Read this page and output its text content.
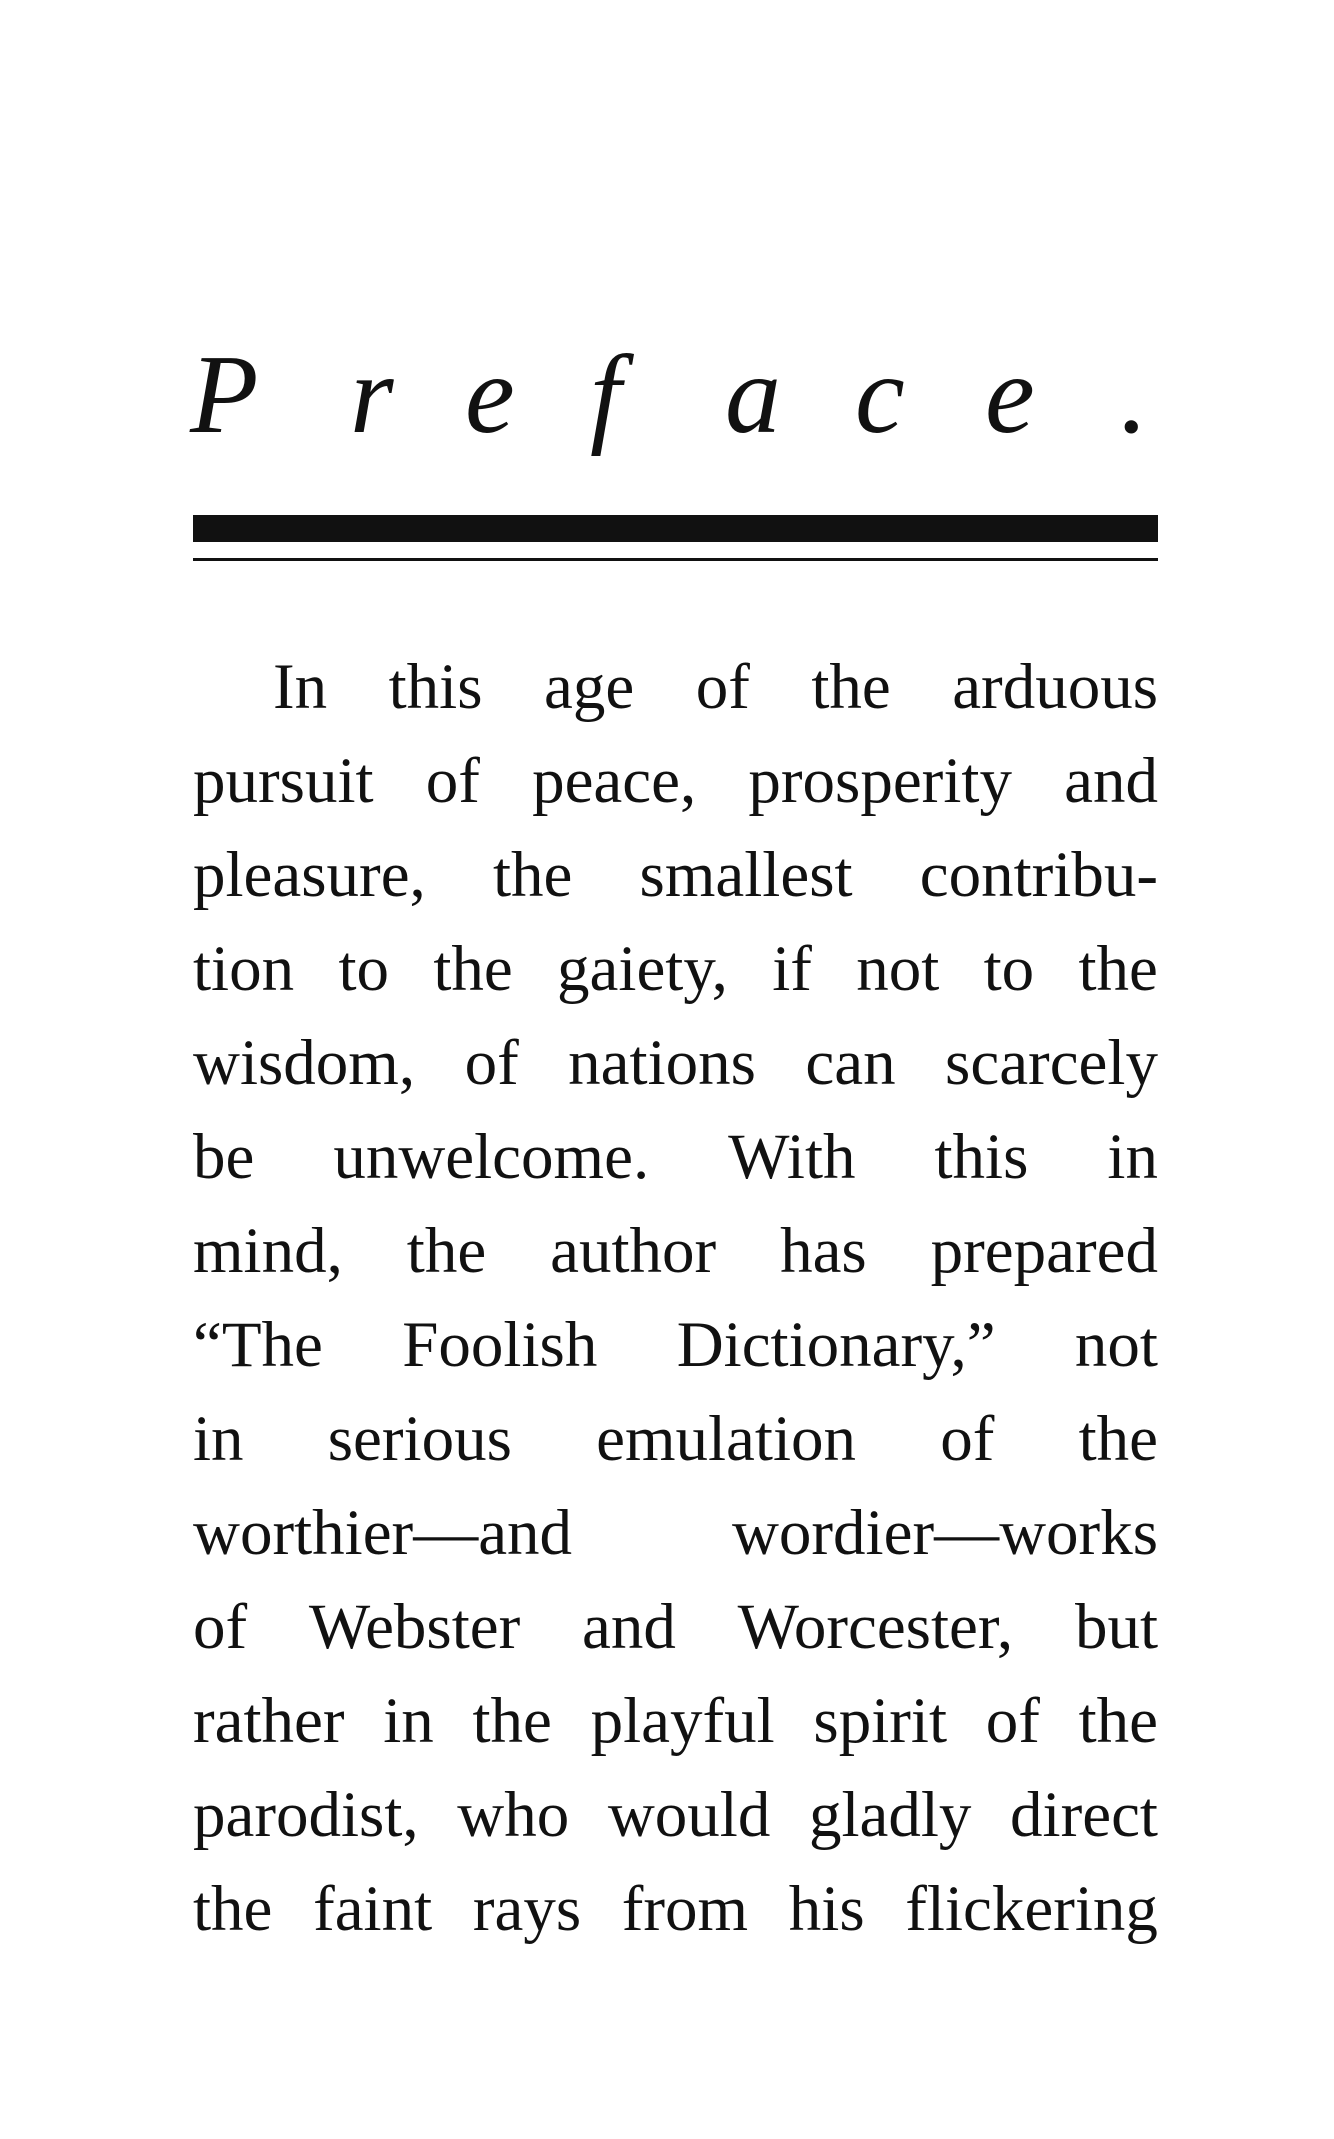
P r e f a c e .
In this age of the arduous
pursuit of peace, prosperity and
pleasure, the smallest contribu-
tion to the gaiety, if not to the
wisdom, of nations can scarcely
be unwelcome. With this in
mind, the author has prepared
“The Foolish Dictionary,” not
in serious emulation of the
worthier—and wordier—works
of Webster and Worcester, but
rather in the playful spirit of the
parodist, who would gladly direct
the faint rays from his flickering
